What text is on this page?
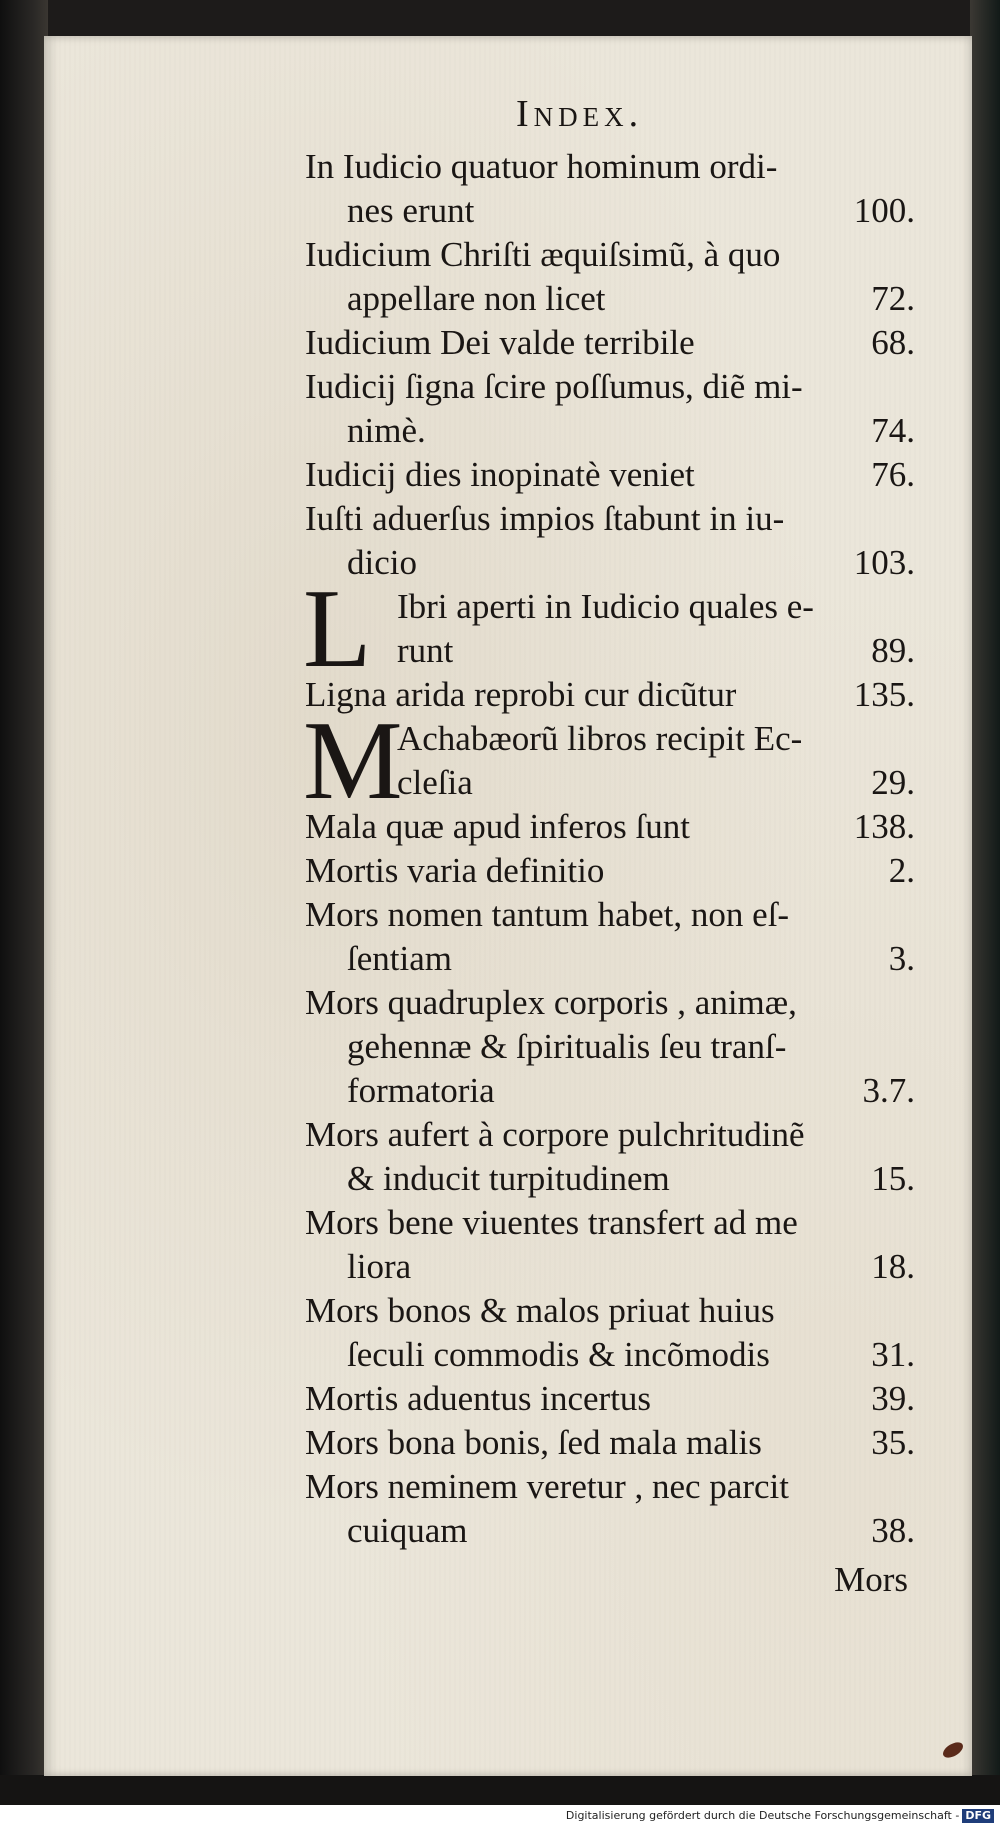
Index.
In Iudicio quatuor hominum ordi-
nes erunt	100.
Iudicium Chriſti æquiſsimũ, à quo
appellare non licet	72.
Iudicium Dei valde terribile	68.
Iudicij ſigna ſcire poſſumus, diẽ mi-
nimè.	74.
Iudicij dies inopinatè veniet	76.
Iuſti aduerſus impios ſtabunt in iu-
dicio	103.
L Ibri aperti in Iudicio quales e-
runt	89.
Ligna arida reprobi cur dicũtur	135.
M
Achabæorũ libros recipit Ec-
cleſia	29.
Mala quæ apud inferos ſunt	138.
Mortis varia definitio	2.
Mors nomen tantum habet, non eſ-
ſentiam	3.
Mors quadruplex corporis , animæ,
gehennæ & ſpiritualis ſeu tranſ-
formatoria	3.7.
Mors aufert à corpore pulchritudinẽ
& inducit turpitudinem	15.
Mors bene viuentes transfert ad me
liora	18.
Mors bonos & malos priuat huius
ſeculi commodis & incõmodis	31.
Mortis aduentus incertus	39.
Mors bona bonis, ſed mala malis	35.
Mors neminem veretur , nec parcit
cuiquam	38.
Mors
Digitalisierung gefördert durch die Deutsche Forschungsgemeinschaft - DFG
